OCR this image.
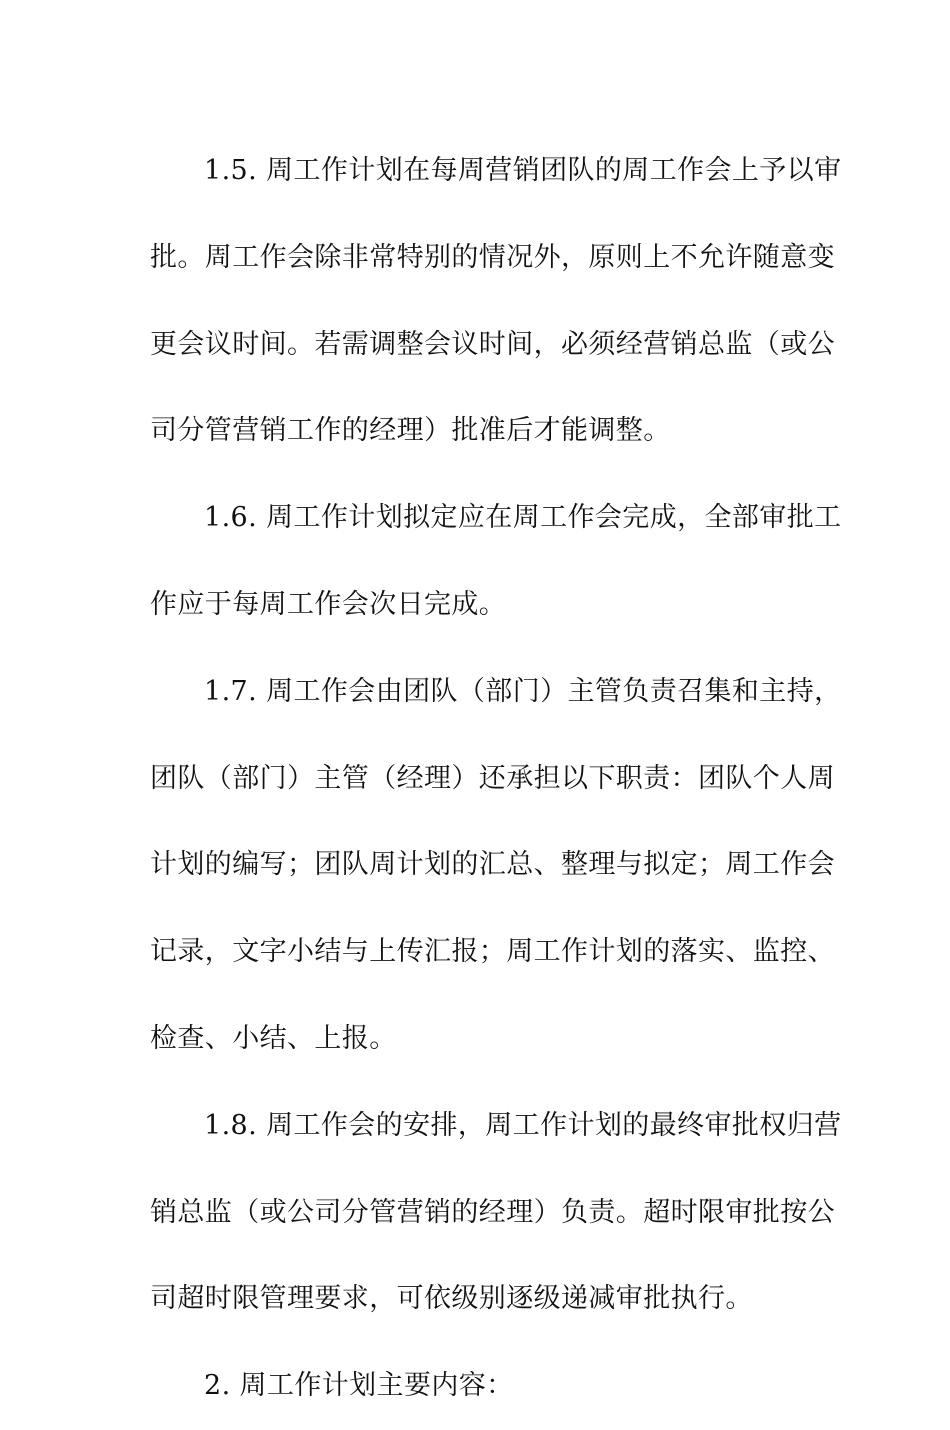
1.5. 周工作计划在每周营销团队的周工作会上予以审
批。周工作会除非常特别的情况外，原则上不允许随意变
更会议时间。若需调整会议时间，必须经营销总监（或公
司分管营销工作的经理）批准后才能调整。

1.6. 周工作计划拟定应在周工作会完成，全部审批工
作应于每周工作会次日完成。

1.7. 周工作会由团队（部门）主管负责召集和主持，
团队（部门）主管（经理）还承担以下职责：团队个人周
计划的编写；团队周计划的汇总、整理与拟定；周工作会
记录，文字小结与上传汇报；周工作计划的落实、监控、
检查、小结、上报。

1.8. 周工作会的安排，周工作计划的最终审批权归营
销总监（或公司分管营销的经理）负责。超时限审批按公
司超时限管理要求，可依级别逐级递减审批执行。

2. 周工作计划主要内容：
